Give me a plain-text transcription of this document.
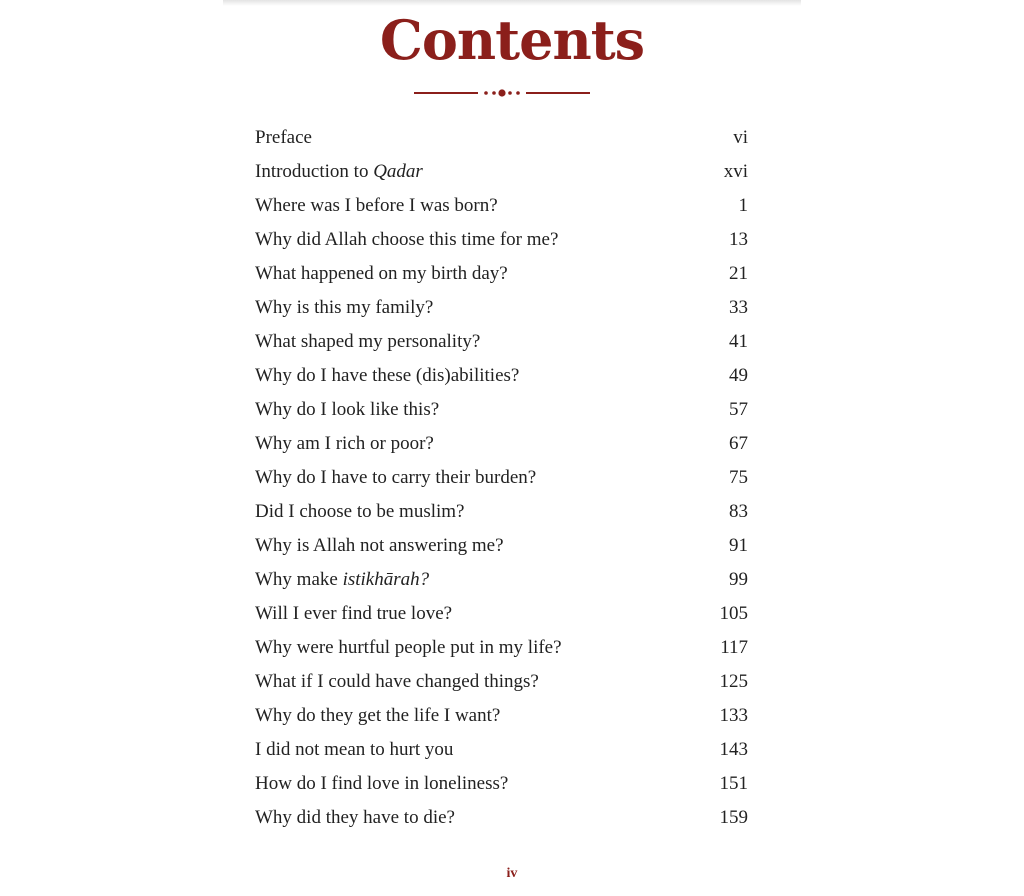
Contents
Preface	vi
Introduction to Qadar	xvi
Where was I before I was born?	1
Why did Allah choose this time for me?	13
What happened on my birth day?	21
Why is this my family?	33
What shaped my personality?	41
Why do I have these (dis)abilities?	49
Why do I look like this?	57
Why am I rich or poor?	67
Why do I have to carry their burden?	75
Did I choose to be muslim?	83
Why is Allah not answering me?	91
Why make istikhārah?	99
Will I ever find true love?	105
Why were hurtful people put in my life?	117
What if I could have changed things?	125
Why do they get the life I want?	133
I did not mean to hurt you	143
How do I find love in loneliness?	151
Why did they have to die?	159
iv
